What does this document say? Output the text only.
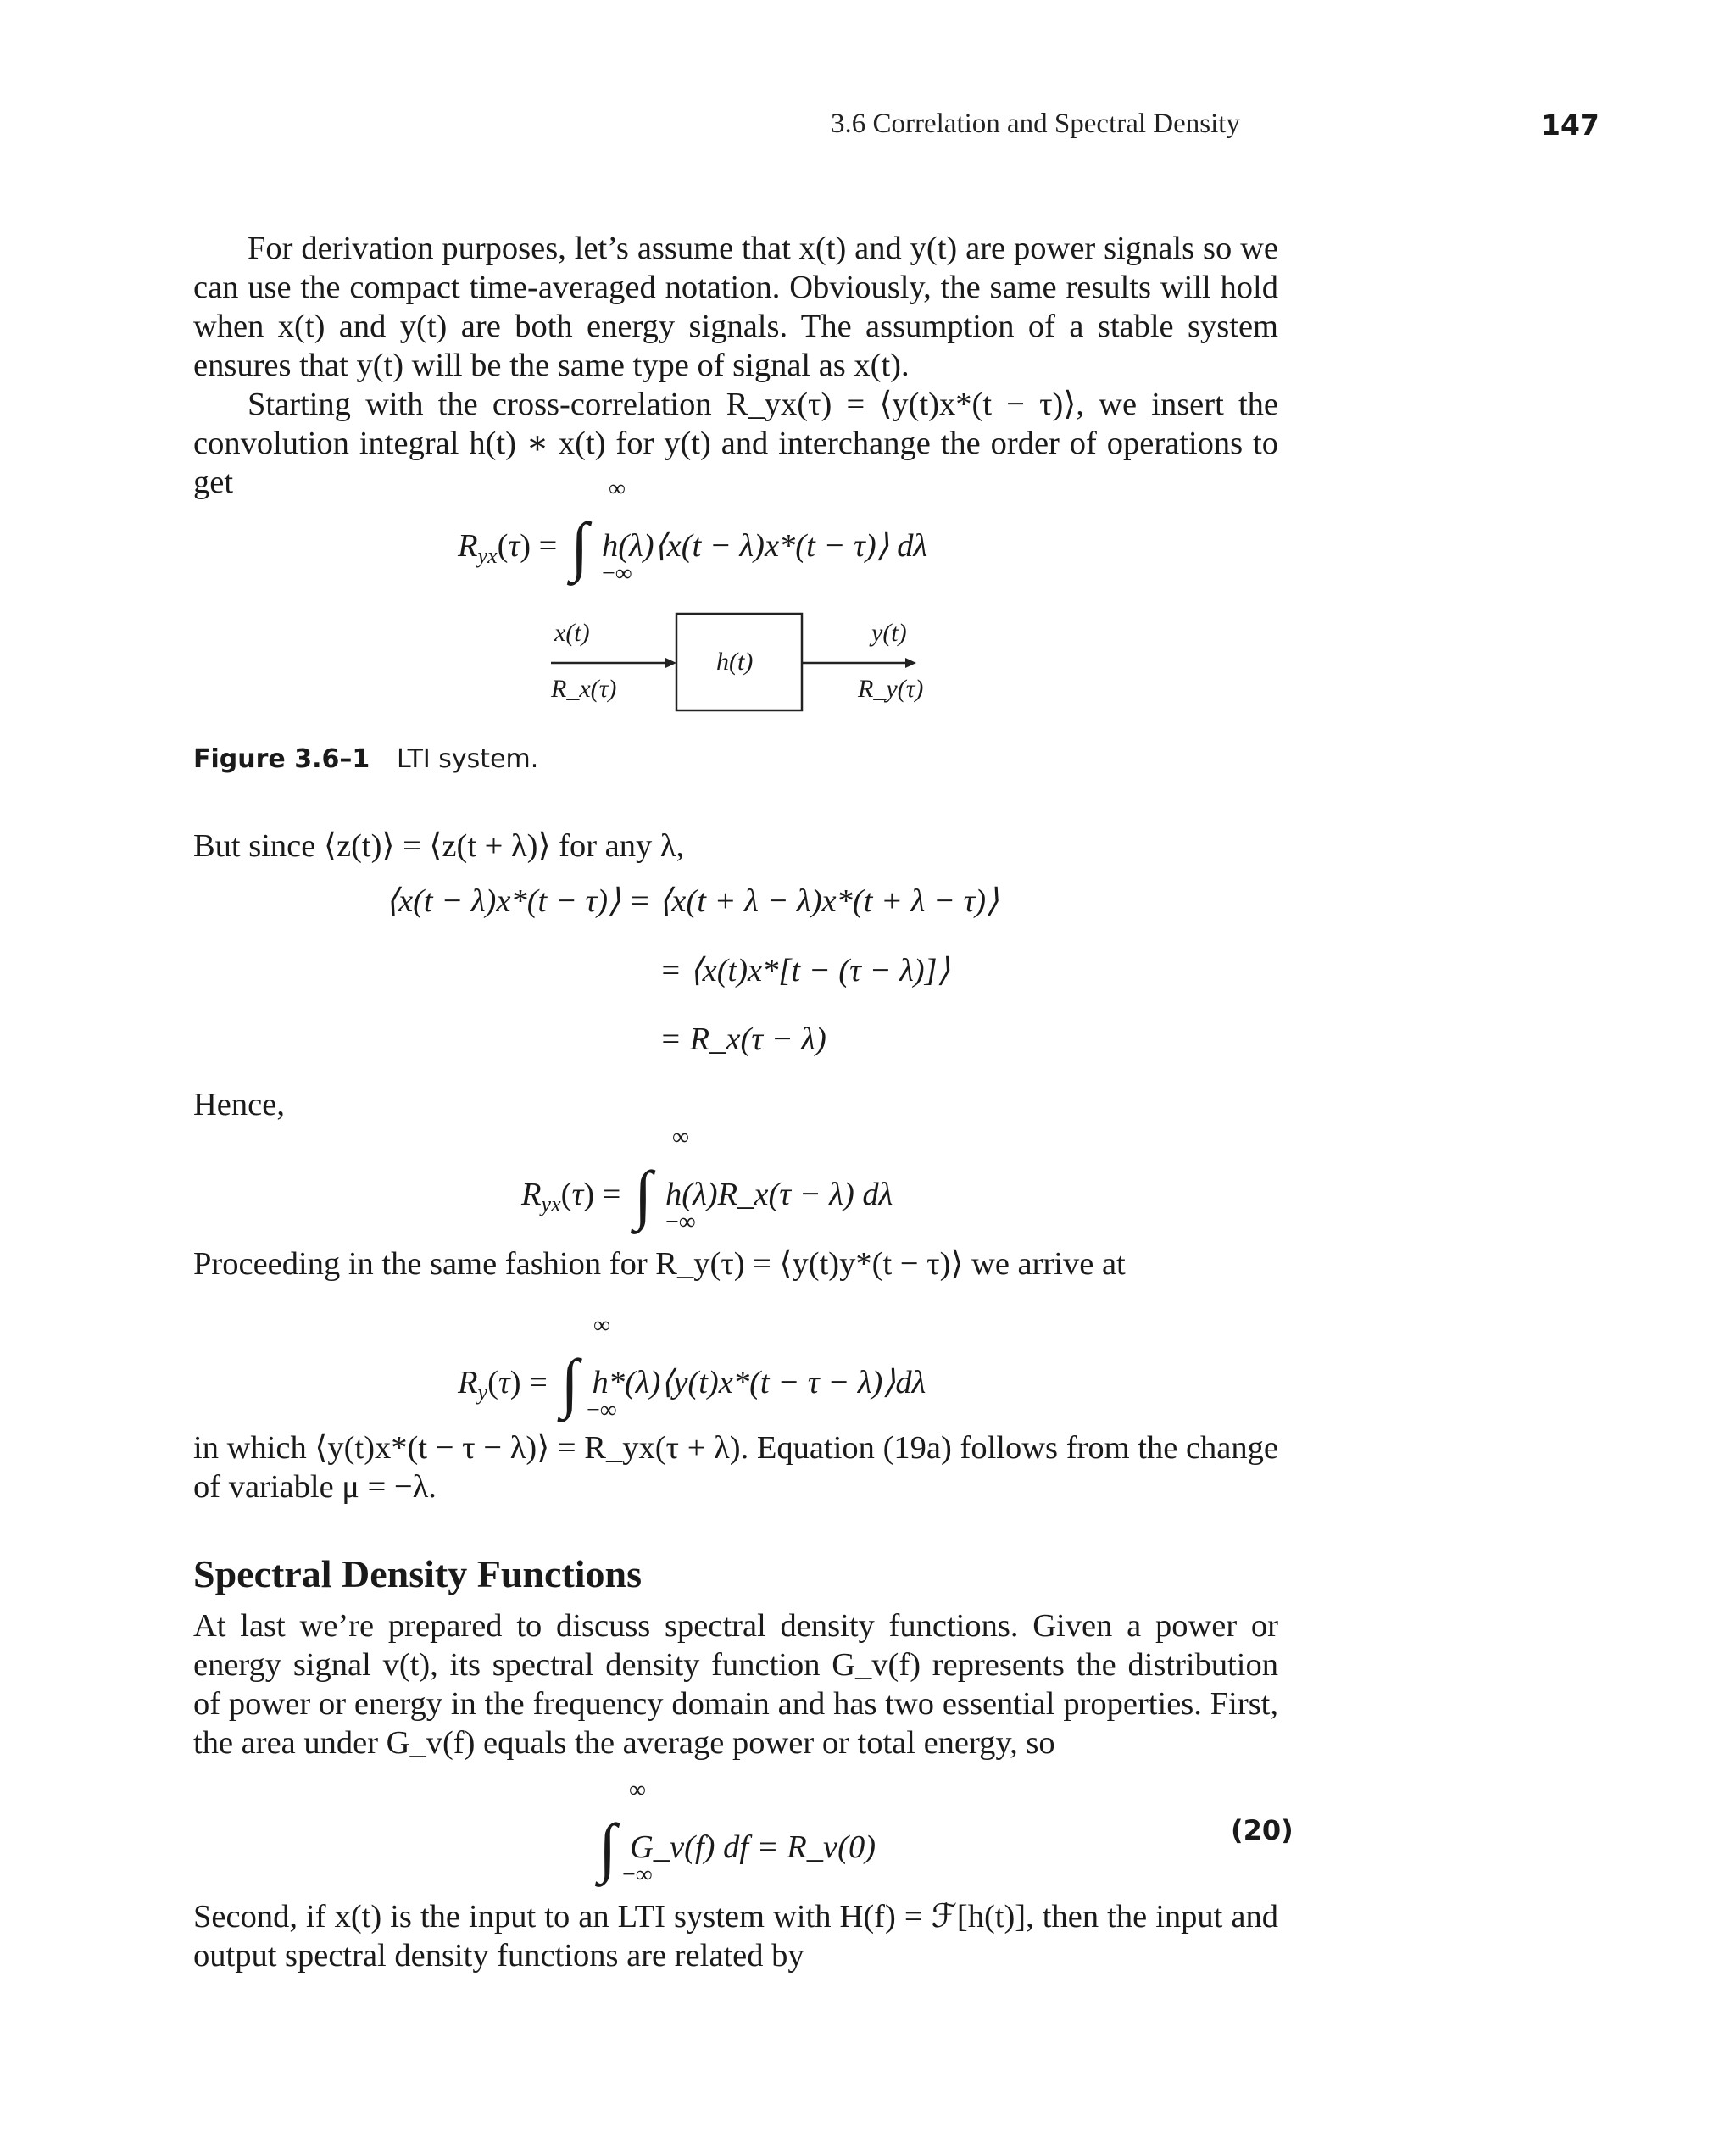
3.6 Correlation and Spectral Density	147

For derivation purposes, let’s assume that x(t) and y(t) are power signals so we can use the compact time-averaged notation. Obviously, the same results will hold when x(t) and y(t) are both energy signals. The assumption of a stable system ensures that y(t) will be the same type of signal as x(t).

Starting with the cross-correlation R_yx(τ) = ⟨y(t)x*(t − τ)⟩, we insert the convolution integral h(t) ∗ x(t) for y(t) and interchange the order of operations to get

$R_{yx}(\tau)$ = ∫ h(λ)⟨x(t − λ)x*(t − τ)⟩ dλ
∞
−∞
x(t)
R_x(τ)
h(t)
y(t)
R_y(τ)
Figure 3.6–1 LTI system.

But since ⟨z(t)⟩ = ⟨z(t + λ)⟩ for any λ,

⟨x(t − λ)x*(t − τ)⟩ = ⟨x(t + λ − λ)x*(t + λ − τ)⟩
= ⟨x(t)x*[t − (τ − λ)]⟩
= R_x(τ − λ)

Hence,

$R_{yx}(\tau)$ = ∫ h(λ)R_x(τ − λ) dλ
∞
−∞

Proceeding in the same fashion for R_y(τ) = ⟨y(t)y*(t − τ)⟩ we arrive at

$R_y(\tau)$ = ∫ h*(λ)⟨y(t)x*(t − τ − λ)⟩dλ
∞
−∞

in which ⟨y(t)x*(t − τ − λ)⟩ = R_yx(τ + λ). Equation (19a) follows from the change of variable μ = −λ.

Spectral Density Functions

At last we’re prepared to discuss spectral density functions. Given a power or energy signal v(t), its spectral density function G_v(f) represents the distribution of power or energy in the frequency domain and has two essential properties. First, the area under G_v(f) equals the average power or total energy, so

∫ G_v(f) df = R_v(0)
∞
−∞
(20)

Second, if x(t) is the input to an LTI system with H(f) = ℱ[h(t)], then the input and output spectral density functions are related by
